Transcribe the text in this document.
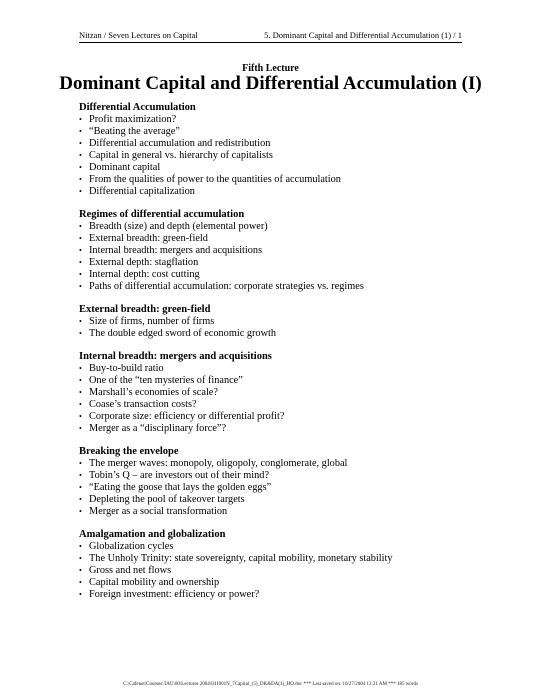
Nitzan / Seven Lectures on Capital	5. Dominant Capital and Differential Accumulation (1) / 1
Fifth Lecture
Dominant Capital and Differential Accumulation (I)
Differential Accumulation
• Profit maximization?
• “Beating the average”
• Differential accumulation and redistribution
• Capital in general vs. hierarchy of capitalists
• Dominant capital
• From the qualities of power to the quantities of accumulation
• Differential capitalization
Regimes of differential accumulation
• Breadth (size) and depth (elemental power)
• External breadth: green-field
• Internal breadth: mergers and acquisitions
• External depth: stagflation
• Internal depth: cost cutting
• Paths of differential accumulation: corporate strategies vs. regimes
External breadth: green-field
• Size of firms, number of firms
• The double edged sword of economic growth
Internal breadth: mergers and acquisitions
• Buy-to-build ratio
• One of the “ten mysteries of finance”
• Marshall’s economies of scale?
• Coase’s transaction costs?
• Corporate size: efficiency or differential profit?
• Merger as a “disciplinary force”?
Breaking the envelope
• The merger waves: monopoly, oligopoly, conglomerate, global
• Tobin’s Q – are investors out of their mind?
• “Eating the goose that lays the golden eggs”
• Depleting the pool of takeover targets
• Merger as a social transformation
Amalgamation and globalization
• Globalization cycles
• The Unholy Trinity: state sovereignty, capital mobility, monetary stability
• Gross and net flows
• Capital mobility and ownership
• Foreign investment: efficiency or power?
C:\Cafenet\Courses\TAU\00\Lectures 2004\041001N_7Capital_(5)_DK&DA(1)_HO.doc *** Last saved on: 10/27/2004 12:21 AM *** 185 words
